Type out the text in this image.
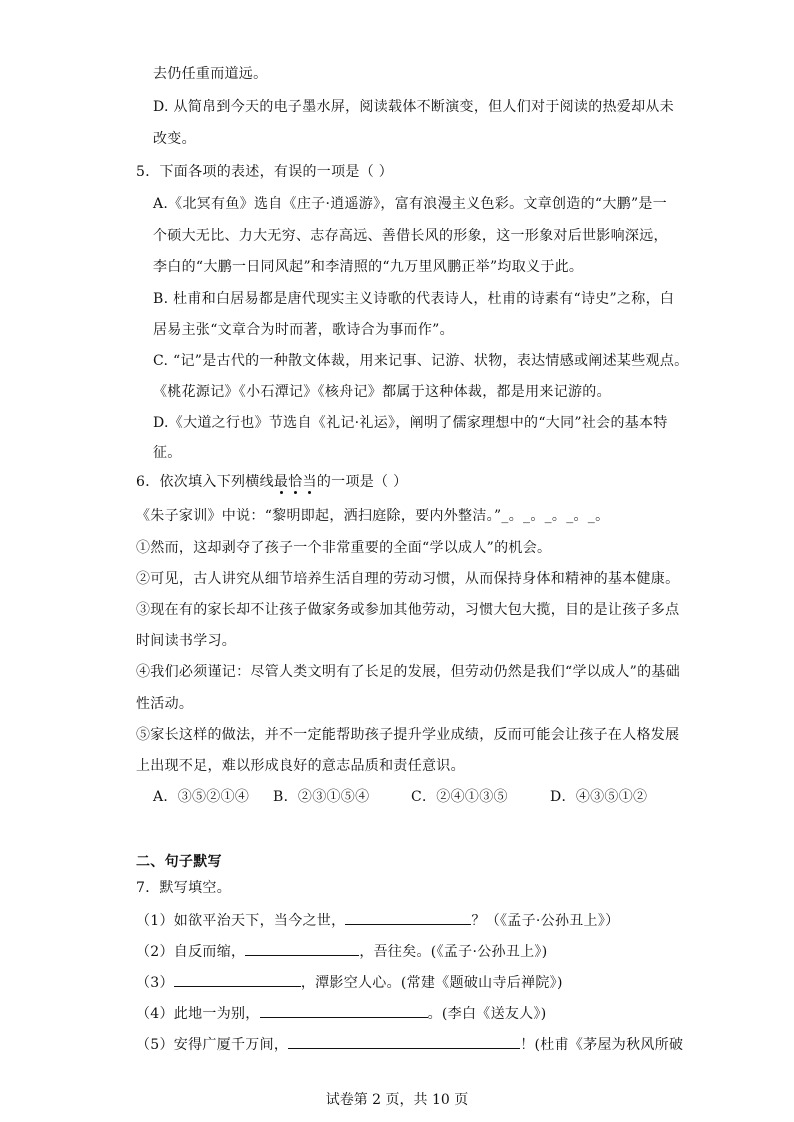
去仍任重而道远。
D. 从简帛到今天的电子墨水屏，阅读载体不断演变，但人们对于阅读的热爱却从未
改变。
5．下面各项的表述，有误的一项是（ ）
A.《北冥有鱼》选自《庄子·逍遥游》，富有浪漫主义色彩。文章创造的“大鹏”是一
个硕大无比、力大无穷、志存高远、善借长风的形象，这一形象对后世影响深远，
李白的“大鹏一日同风起”和李清照的“九万里风鹏正举”均取义于此。
B. 杜甫和白居易都是唐代现实主义诗歌的代表诗人，杜甫的诗素有“诗史”之称，白
居易主张“文章合为时而著，歌诗合为事而作”。
C. “记”是古代的一种散文体裁，用来记事、记游、状物，表达情感或阐述某些观点。
《桃花源记》《小石潭记》《核舟记》都属于这种体裁，都是用来记游的。
D.《大道之行也》节选自《礼记·礼运》，阐明了儒家理想中的“大同”社会的基本特
征。
6．依次填入下列横线最恰当的一项是（ ）
《朱子家训》中说：“黎明即起，洒扫庭除，要内外整洁。”_。_。_。_。_。
①然而，这却剥夺了孩子一个非常重要的全面“学以成人”的机会。
②可见，古人讲究从细节培养生活自理的劳动习惯，从而保持身体和精神的基本健康。
③现在有的家长却不让孩子做家务或参加其他劳动，习惯大包大揽，目的是让孩子多点
时间读书学习。
④我们必须谨记：尽管人类文明有了长足的发展，但劳动仍然是我们“学以成人”的基础
性活动。
⑤家长这样的做法，并不一定能帮助孩子提升学业成绩，反而可能会让孩子在人格发展
上出现不足，难以形成良好的意志品质和责任意识。
A．③⑤②①④ B．②③①⑤④	C．②④①③⑤	D．④③⑤①②
二、句子默写
7．默写填空。
（1）如欲平治天下，当今之世，	？（《孟子·公孙丑上》）
（2）自反而缩，	，吾往矣。(《孟子·公孙丑上》)
（3）	，潭影空人心。(常建《题破山寺后禅院》)
（4）此地一为别，	。(李白《送友人》)
（5）安得广厦千万间，	！(杜甫《茅屋为秋风所破
试卷第 2 页，共 10 页
